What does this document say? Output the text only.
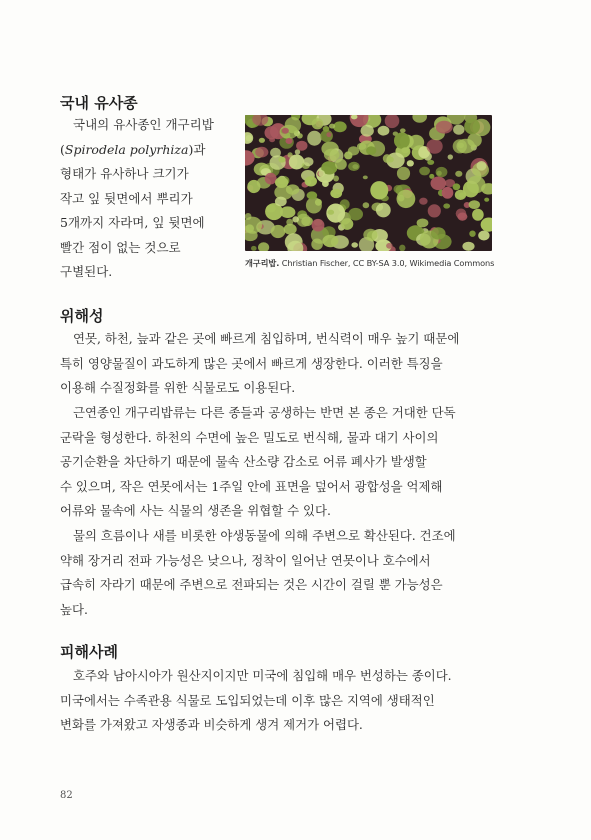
국내 유사종
국내의 유사종인 개구리밥
(Spirodela polyrhiza)과
형태가 유사하나 크기가
작고 잎 뒷면에서 뿌리가
5개까지 자라며, 잎 뒷면에
빨간 점이 없는 것으로
구별된다.
개구리밥. Christian Fischer, CC BY-SA 3.0, Wikimedia Commons
위해성
연못, 하천, 늪과 같은 곳에 빠르게 침입하며, 번식력이 매우 높기 때문에
특히 영양물질이 과도하게 많은 곳에서 빠르게 생장한다. 이러한 특징을
이용해 수질정화를 위한 식물로도 이용된다.
근연종인 개구리밥류는 다른 종들과 공생하는 반면 본 종은 거대한 단독
군락을 형성한다. 하천의 수면에 높은 밀도로 번식해, 물과 대기 사이의
공기순환을 차단하기 때문에 물속 산소량 감소로 어류 폐사가 발생할
수 있으며, 작은 연못에서는 1주일 안에 표면을 덮어서 광합성을 억제해
어류와 물속에 사는 식물의 생존을 위협할 수 있다.
물의 흐름이나 새를 비롯한 야생동물에 의해 주변으로 확산된다. 건조에
약해 장거리 전파 가능성은 낮으나, 정착이 일어난 연못이나 호수에서
급속히 자라기 때문에 주변으로 전파되는 것은 시간이 걸릴 뿐 가능성은
높다.
피해사례
호주와 남아시아가 원산지이지만 미국에 침입해 매우 번성하는 종이다.
미국에서는 수족관용 식물로 도입되었는데 이후 많은 지역에 생태적인
변화를 가져왔고 자생종과 비슷하게 생겨 제거가 어렵다.
82
